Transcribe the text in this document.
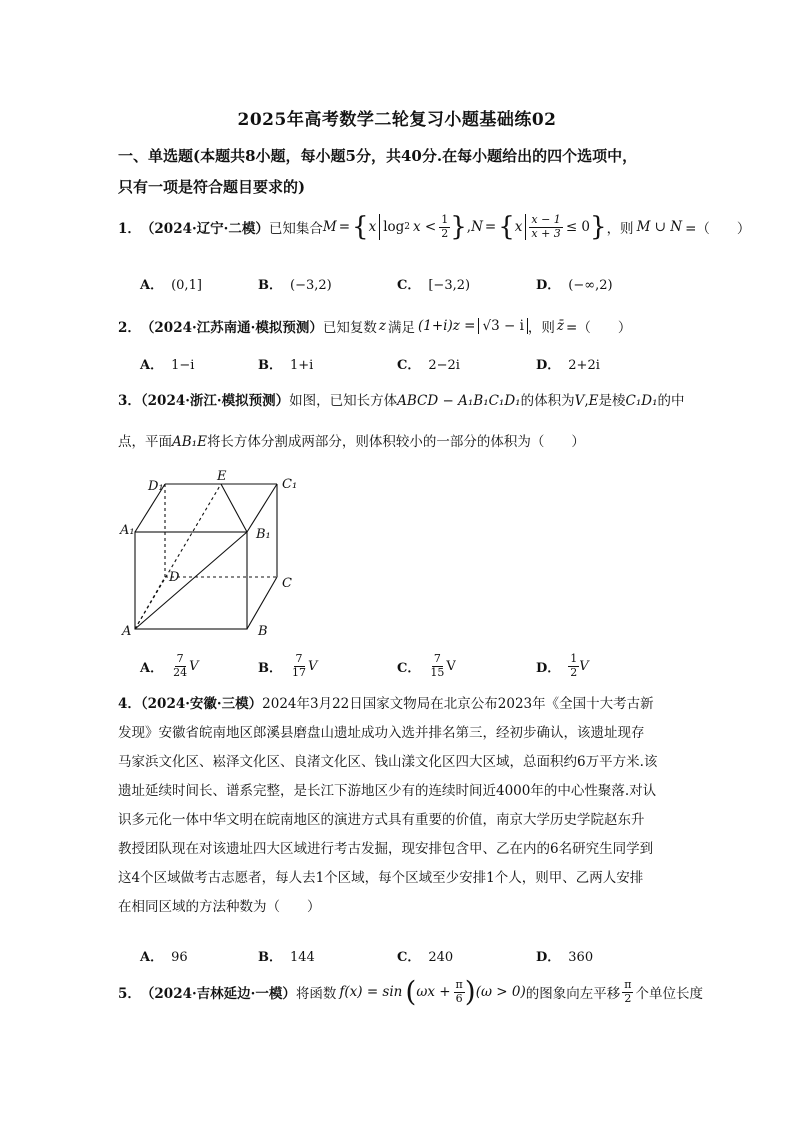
2025年高考数学二轮复习小题基础练02
一、单选题(本题共8小题，每小题5分，共40分.在每小题给出的四个选项中，
只有一项是符合题目要求的)
1． （2024·辽宁·二模） 已知集合 M = { x log 2 $x < \frac{1}{2}$ } , N = { x $\frac{x - 1}{x + 3} \le 0$ } ，则 M ∪ N =（　　）
A． (0,1]	B． (−3,2)	C． [−3,2)	D． (−∞,2)
2． （2024·江苏南通·模拟预测） 已知复数 z 满足 (1+i)z = √3 − i ，则 z̄ =（　　）
A． 1−i	B． 1+i	C． 2−2i	D． 2+2i
3．（2024·浙江·模拟预测）如图，已知长方体ABCD − A₁B₁C₁D₁的体积为V,E是棱C₁D₁的中
点，平面AB₁E将长方体分割成两部分，则体积较小的一部分的体积为（　　）
D₁
E
C₁
A₁	B₁
D	C
A	B
A． $\frac{7}{24}$ V	B． $\frac{7}{17}$ V	C． $\frac{7}{15}$ V	D． $\frac{1}{2}$ V
4．（2024·安徽·三模）2024年3月22日国家文物局在北京公布2023年《全国十大考古新
发现》安徽省皖南地区郎溪县磨盘山遗址成功入选并排名第三，经初步确认，该遗址现存
马家浜文化区、崧泽文化区、良渚文化区、钱山漾文化区四大区域，总面积约6万平方米.该
遗址延续时间长、谱系完整，是长江下游地区少有的连续时间近4000年的中心性聚落.对认
识多元化一体中华文明在皖南地区的演进方式具有重要的价值，南京大学历史学院赵东升
教授团队现在对该遗址四大区域进行考古发掘，现安排包含甲、乙在内的6名研究生同学到
这4个区域做考古志愿者，每人去1个区域，每个区域至少安排1个人，则甲、乙两人安排
在相同区域的方法种数为（　　）
A． 96	B． 144	C． 240	D． 360
5． （2024·吉林延边·一模） 将函数 f(x) = sin ( $\omega x + \frac{\pi}{6}$ ) (ω > 0) 的图象向左平移 $\frac{\pi}{2}$ 个单位长度
